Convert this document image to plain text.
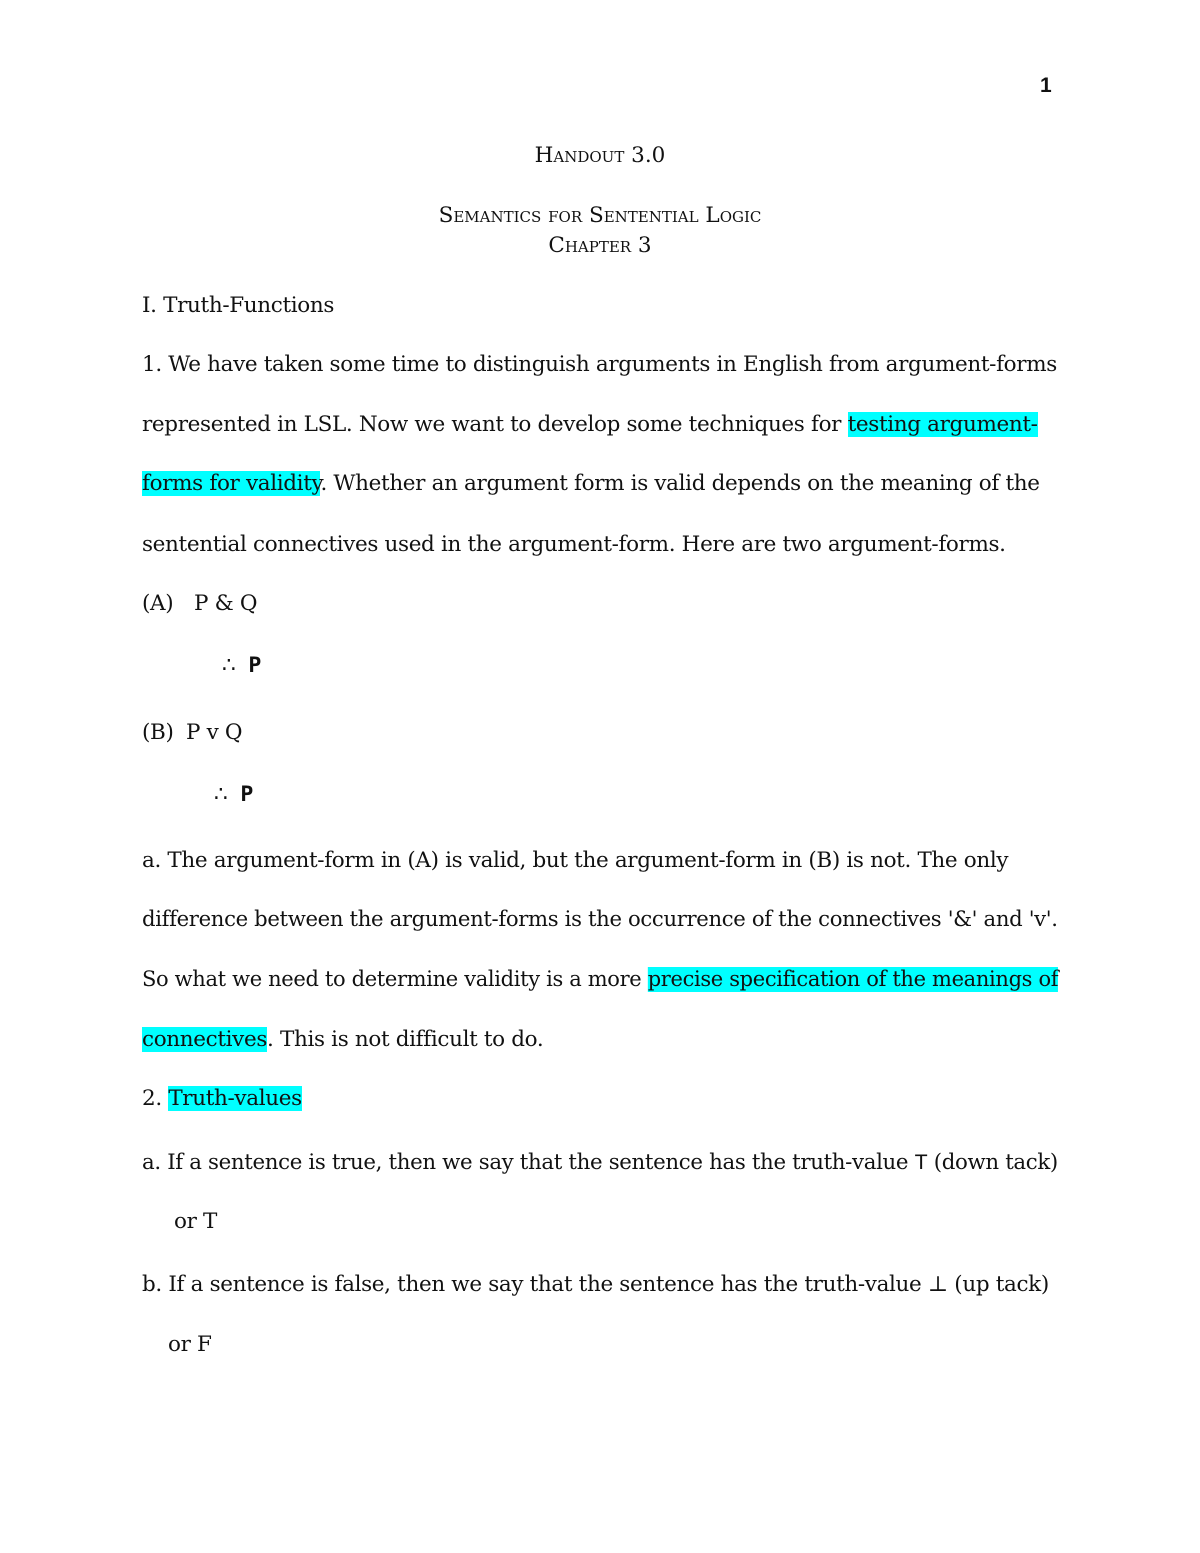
1
Handout 3.0
Semantics for Sentential Logic
Chapter 3
I. Truth-Functions
1. We have taken some time to distinguish arguments in English from argument-forms
represented in LSL. Now we want to develop some techniques for testing argument-
forms for validity. Whether an argument form is valid depends on the meaning of the
sentential connectives used in the argument-form. Here are two argument-forms.
(A) P & Q
∴ P
(B) P v Q
∴ P
a. The argument-form in (A) is valid, but the argument-form in (B) is not. The only
difference between the argument-forms is the occurrence of the connectives '&' and 'v'.
So what we need to determine validity is a more precise specification of the meanings of
connectives. This is not difficult to do.
2. Truth-values
a. If a sentence is true, then we say that the sentence has the truth-value T (down tack)
or T
b. If a sentence is false, then we say that the sentence has the truth-value ⊥ (up tack)
or F
